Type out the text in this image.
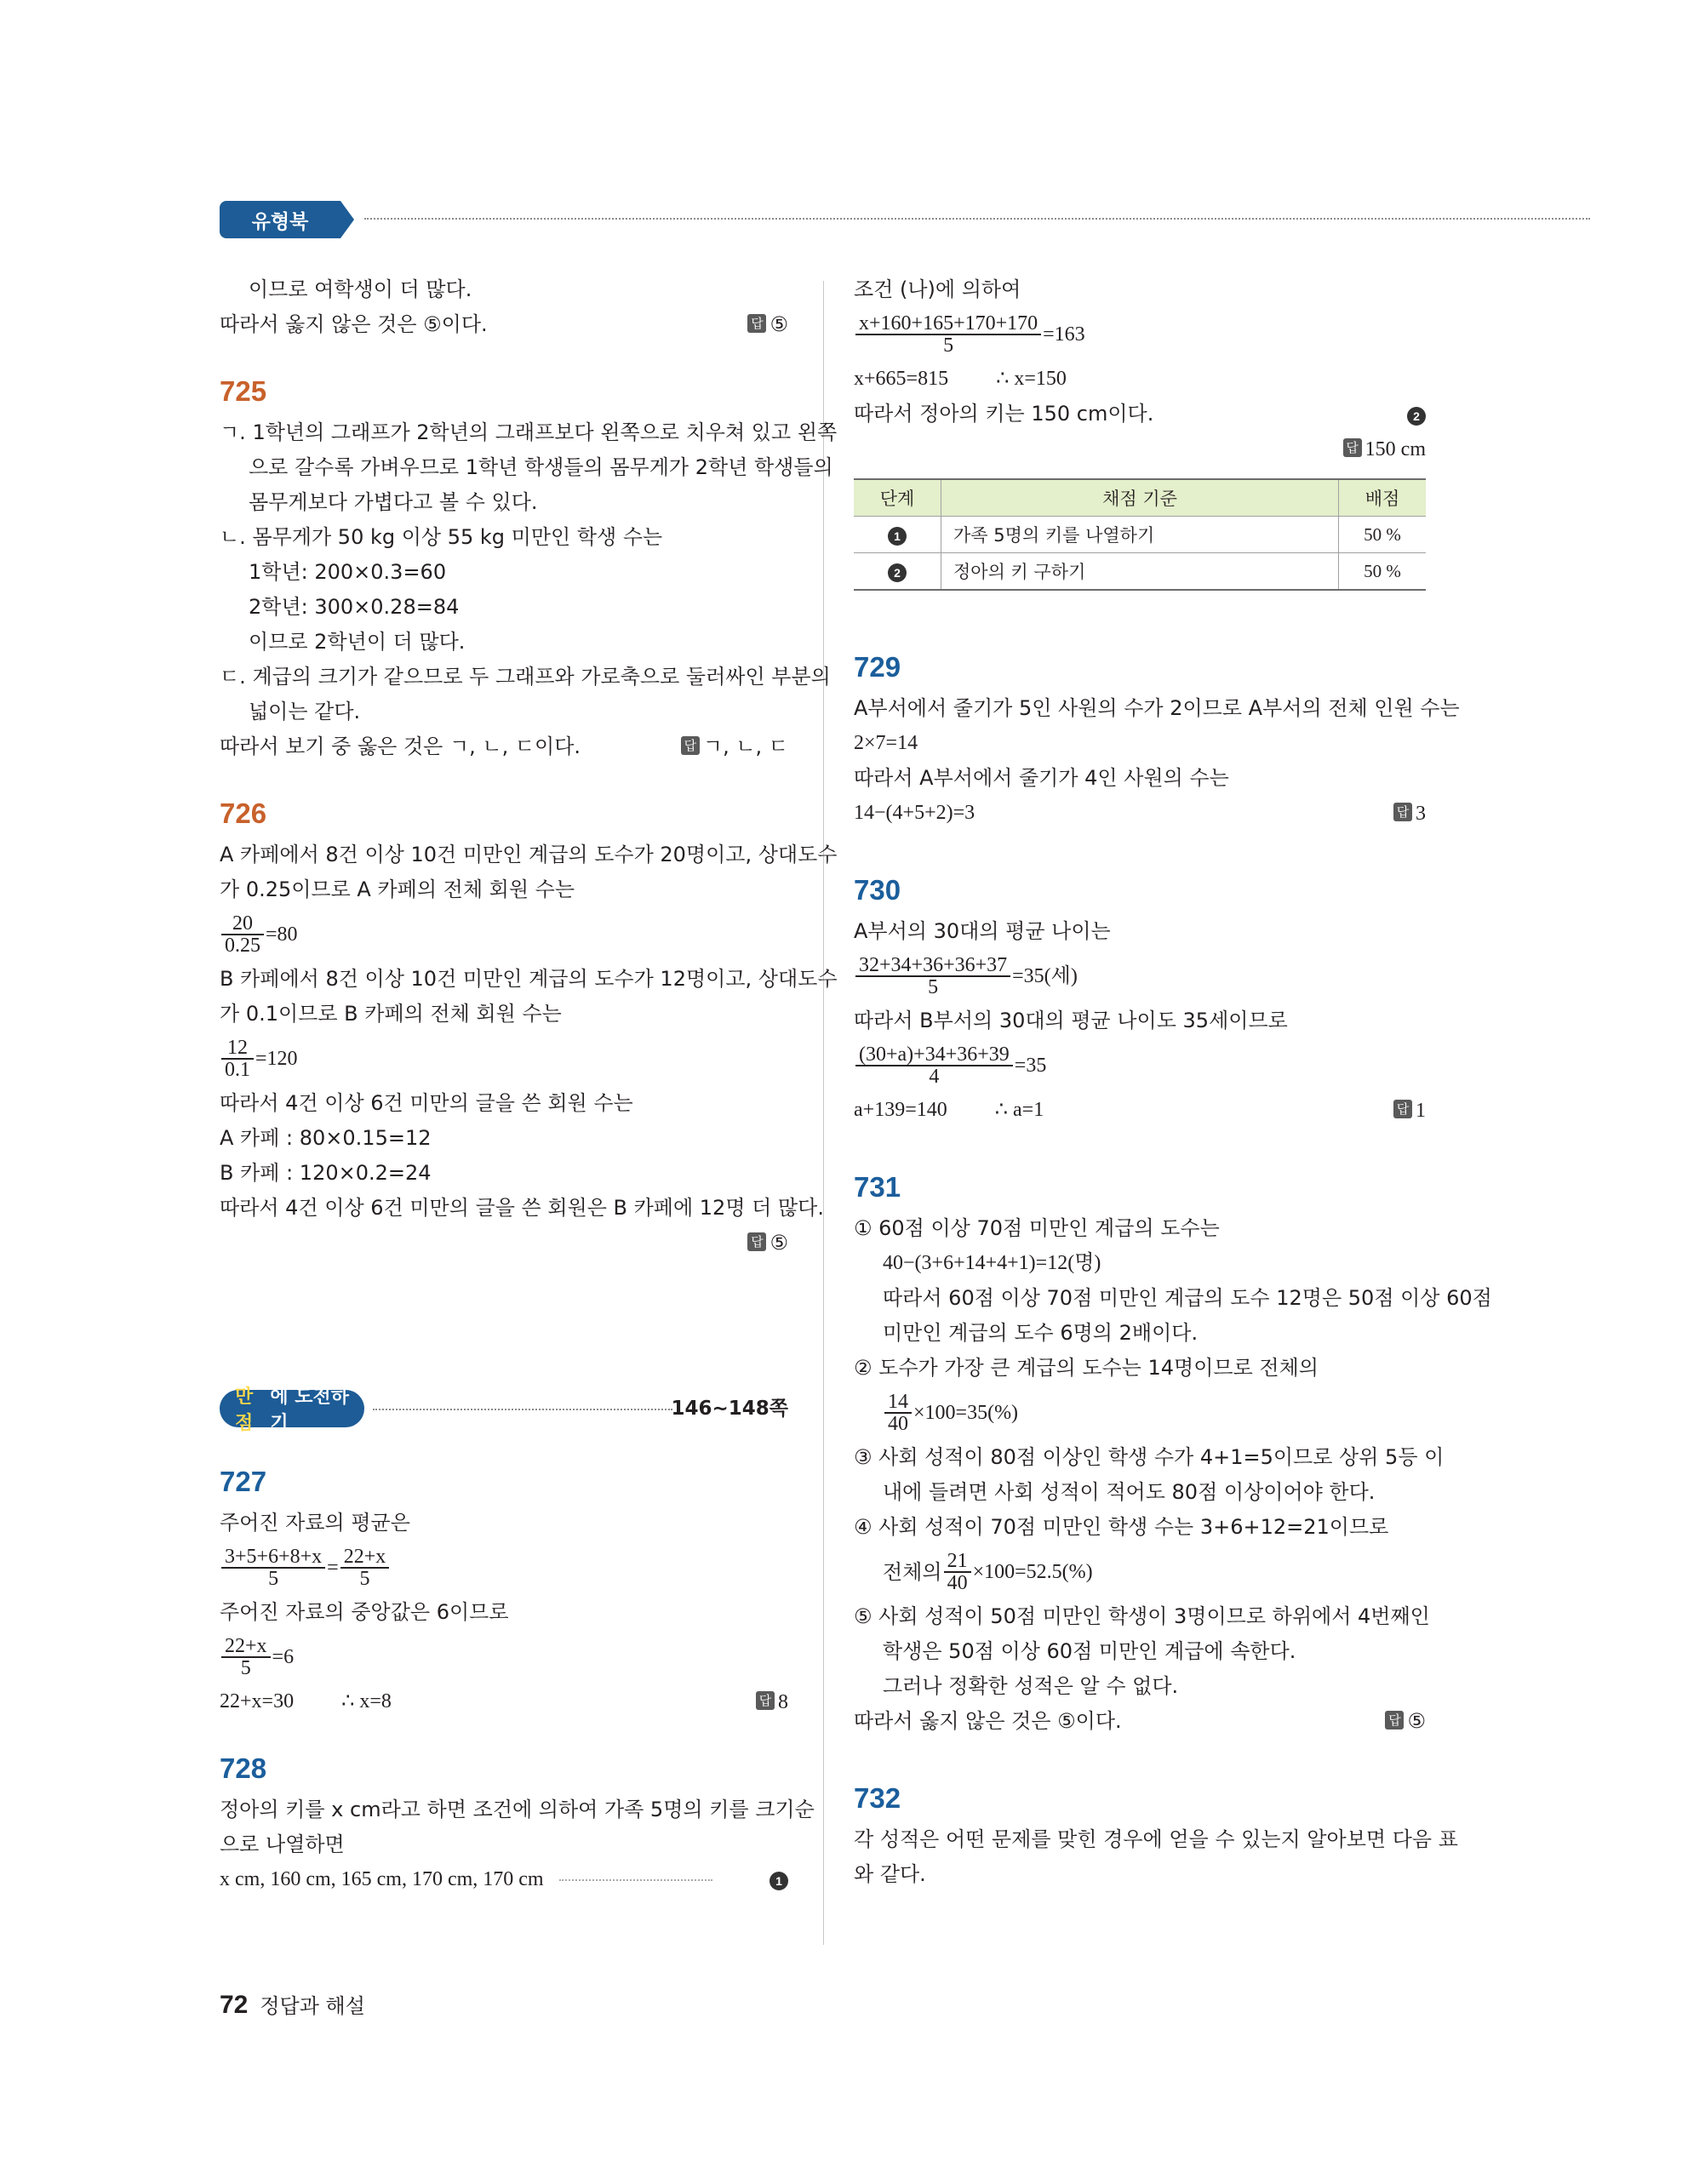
유형북
이므로 여학생이 더 많다.
따라서 옳지 않은 것은 ⑤이다.	답 ⑤
725
ㄱ. 1학년의 그래프가 2학년의 그래프보다 왼쪽으로 치우쳐 있고 왼쪽
으로 갈수록 가벼우므로 1학년 학생들의 몸무게가 2학년 학생들의
몸무게보다 가볍다고 볼 수 있다.
ㄴ. 몸무게가 50 kg 이상 55 kg 미만인 학생 수는
1학년: 200×0.3=60
2학년: 300×0.28=84
이므로 2학년이 더 많다.
ㄷ. 계급의 크기가 같으므로 두 그래프와 가로축으로 둘러싸인 부분의
넓이는 같다.
따라서 보기 중 옳은 것은 ㄱ, ㄴ, ㄷ이다.	답 ㄱ, ㄴ, ㄷ
726
A 카페에서 8건 이상 10건 미만인 계급의 도수가 20명이고, 상대도수
가 0.25이므로 A 카페의 전체 회원 수는
$\frac{20}{0.25} =80$
B 카페에서 8건 이상 10건 미만인 계급의 도수가 12명이고, 상대도수
가 0.1이므로 B 카페의 전체 회원 수는
$\frac{12}{0.1} =120$
따라서 4건 이상 6건 미만의 글을 쓴 회원 수는
A 카페 : 80×0.15=12
B 카페 : 120×0.2=24
따라서 4건 이상 6건 미만의 글을 쓴 회원은 B 카페에 12명 더 많다.
답 ⑤
만점
에 도전하기
146~148쪽
727
주어진 자료의 평균은
$\frac{3+5+6+8+x}{5} = \frac{22+x}{5}$
주어진 자료의 중앙값은 6이므로
$\frac{22+x}{5} =6$
22+x=30 ∴ x=8	답 8
728
정아의 키를 x cm라고 하면 조건에 의하여 가족 5명의 키를 크기순
으로 나열하면
x cm, 160 cm, 165 cm, 170 cm, 170 cm	1
조건 (나)에 의하여
$\frac{x+160+165+170+170}{5} =163$
x+665=815 ∴ x=150
따라서 정아의 키는 150 cm이다.	2
답 150 cm
단계	채점 기준	배점
1	가족 5명의 키를 나열하기	50 %
2	정아의 키 구하기	50 %
729
A부서에서 줄기가 5인 사원의 수가 2이므로 A부서의 전체 인원 수는
2×7=14
따라서 A부서에서 줄기가 4인 사원의 수는
14−(4+5+2)=3	답 3
730
A부서의 30대의 평균 나이는
$\frac{32+34+36+36+37}{5} =35$(세)
따라서 B부서의 30대의 평균 나이도 35세이므로
$\frac{(30+a)+34+36+39}{4} =35$
a+139=140 ∴ a=1	답 1
731
① 60점 이상 70점 미만인 계급의 도수는
40−(3+6+14+4+1)=12(명)
따라서 60점 이상 70점 미만인 계급의 도수 12명은 50점 이상 60점
미만인 계급의 도수 6명의 2배이다.
② 도수가 가장 큰 계급의 도수는 14명이므로 전체의
$\frac{14}{40} \times 100=35(\%)$
③ 사회 성적이 80점 이상인 학생 수가 4+1=5이므로 상위 5등 이
내에 들려면 사회 성적이 적어도 80점 이상이어야 한다.
④ 사회 성적이 70점 미만인 학생 수는 3+6+12=21이므로
전체의 $\frac{21}{40} \times 100=52.5(\%)$
⑤ 사회 성적이 50점 미만인 학생이 3명이므로 하위에서 4번째인
학생은 50점 이상 60점 미만인 계급에 속한다.
그러나 정확한 성적은 알 수 없다.
따라서 옳지 않은 것은 ⑤이다.	답 ⑤
732
각 성적은 어떤 문제를 맞힌 경우에 얻을 수 있는지 알아보면 다음 표
와 같다.
72 정답과 해설
